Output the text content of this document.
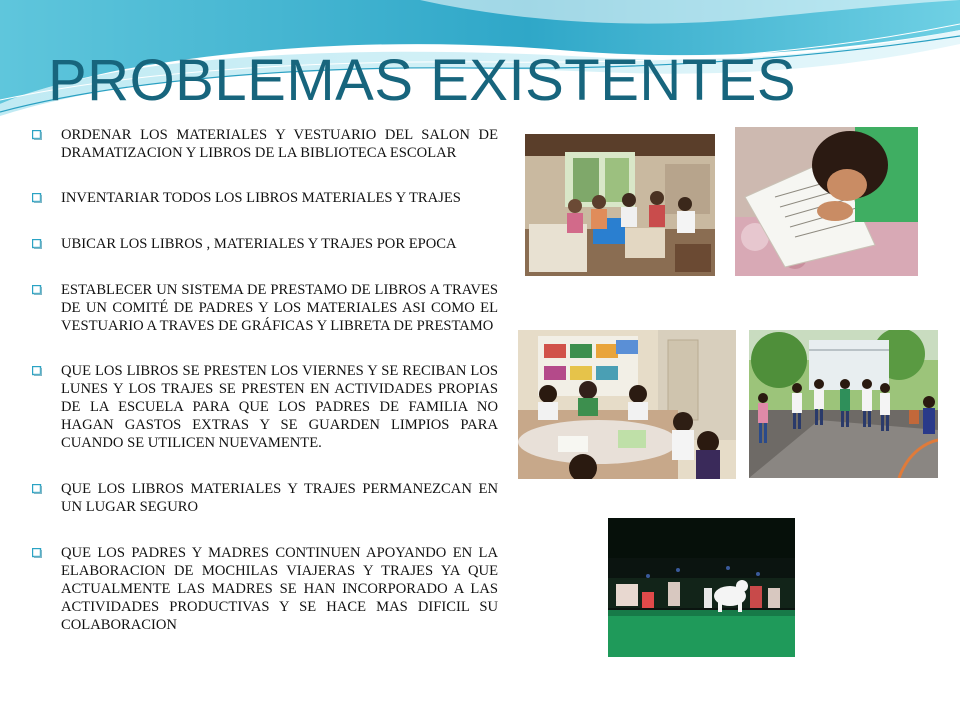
PROBLEMAS EXISTENTES
ORDENAR LOS MATERIALES Y VESTUARIO DEL SALON DE DRAMATIZACION Y LIBROS DE LA BIBLIOTECA ESCOLAR
INVENTARIAR TODOS LOS LIBROS MATERIALES Y TRAJES
UBICAR LOS LIBROS , MATERIALES Y TRAJES POR EPOCA
ESTABLECER UN SISTEMA DE PRESTAMO DE LIBROS A TRAVES DE UN COMITÉ DE PADRES Y LOS MATERIALES ASI COMO EL VESTUARIO A TRAVES DE GRÁFICAS Y LIBRETA DE PRESTAMO
QUE LOS LIBROS SE PRESTEN LOS VIERNES Y SE RECIBAN LOS LUNES Y LOS TRAJES SE PRESTEN EN ACTIVIDADES PROPIAS DE LA ESCUELA PARA QUE LOS PADRES DE FAMILIA NO HAGAN GASTOS EXTRAS Y SE GUARDEN LIMPIOS PARA CUANDO SE UTILICEN NUEVAMENTE.
QUE LOS LIBROS MATERIALES Y TRAJES PERMANEZCAN EN UN LUGAR SEGURO
QUE LOS PADRES Y MADRES CONTINUEN APOYANDO EN LA ELABORACION DE MOCHILAS VIAJERAS Y TRAJES YA QUE ACTUALMENTE LAS MADRES SE HAN INCORPORADO A LAS ACTIVIDADES PRODUCTIVAS Y SE HACE MAS DIFICIL SU COLABORACION
